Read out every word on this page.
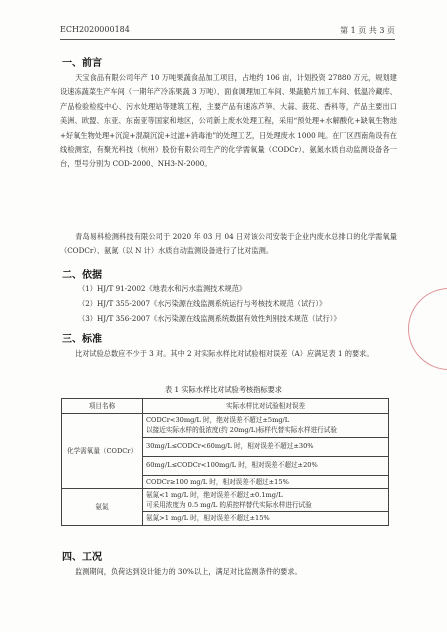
ECH2020000184	第 1 页 共 3 页
一、前言
天宝食品有限公司年产 10 万吨果蔬食品加工项目，占地约 106 亩，计划投资 27880 万元，规划建设速冻蔬菜生产车间（一期年产冷冻果蔬 3 万吨）、面食调理加工车间、果蔬脆片加工车间、低温冷藏库、产品检验检疫中心、污水处理站等建筑工程，主要产品有速冻芦笋、大蒜、菠花、香科等，产品主要出口美洲、欧盟、东亚、东南亚等国家和地区，公司新上废水处理工程，采用“预处理+水解酸化+缺氧生物池+好氧生物处理+沉淀+混凝沉淀+过滤+消毒池”的处理工艺，日处理废水 1000 吨。在厂区西南角设有在线检测室，有聚光科技（杭州）股份有限公司生产的化学需氧量（CODCr）、氨氮水质自动监测设备各一台，型号分别为 COD-2000、NH3-N-2000。
青岛易科检测科技有限公司于 2020 年 03 月 04 日对该公司安装于企业内废水总排口的化学需氧量（CODCr）、氨氮（以 N 计）水质自动监测设备进行了比对监测。
二、依据
（1）HJ/T 91-2002《地表水和污水监测技术规范》
（2）HJ/T 355-2007《水污染源在线监测系统运行与考核技术规范（试行）》
（3）HJ/T 356-2007《水污染源在线监测系统数据有效性判别技术规范（试行）》
三、标准
比对试验总数应不少于 3 对。其中 2 对实际水样比对试验相对误差（A）应满足表 1 的要求。
表 1 实际水样比对试验考核指标要求
项目名称	实际水样比对试验相对误差
化学需氧量（CODCr）	CODCr<30mg/L 时，绝对误差不超过±5mg/L
以接近实际水样的低浓度(约 20mg/L)标样代替实际水样进行试验

	30mg/L≤CODCr<60mg/L 时，相对误差不超过±30%
	60mg/L≤CODCr<100mg/L 时，相对误差不超过±20%
	CODCr≥100 mg/L 时，相对误差不超过±15%
氨氮	氨氮<1 mg/L 时，绝对误差不超过±0.1mg/L
可采用浓度为 0.5 mg/L 的质控样替代实际水样进行试验

	氨氮>1 mg/L 时，相对误差不超过±15%
四、工况
监测期间，负荷达到设计能力的 30%以上，满足对比监测条件的要求。
